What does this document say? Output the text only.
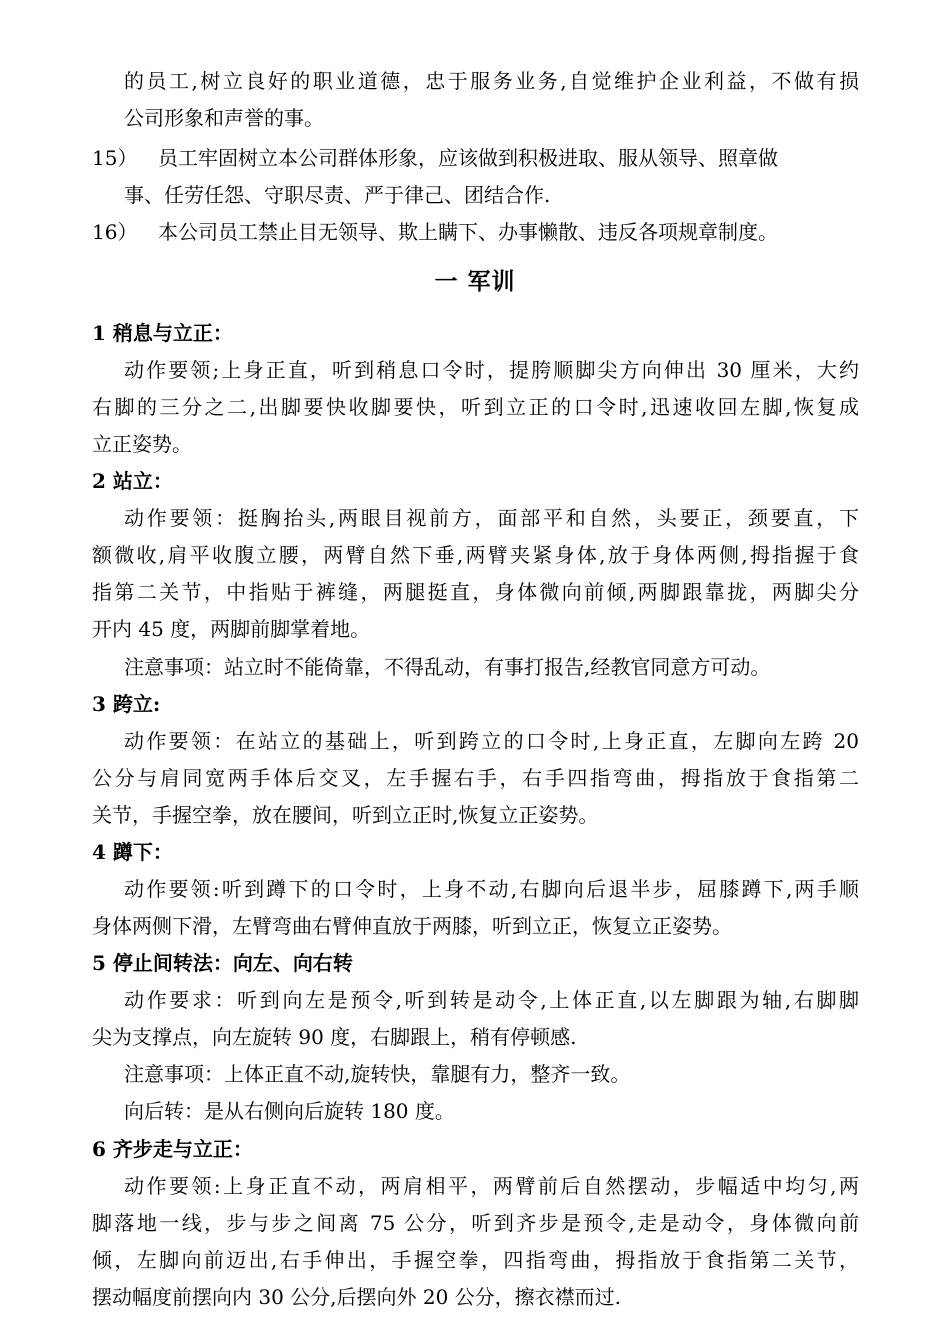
的员工,树立良好的职业道德，忠于服务业务,自觉维护企业利益，不做有损

公司形象和声誉的事。

15） 员工牢固树立本公司群体形象，应该做到积极进取、服从领导、照章做

事、任劳任怨、守职尽责、严于律己、团结合作.

16） 本公司员工禁止目无领导、欺上瞒下、办事懒散、违反各项规章制度。

一 军训
1 稍息与立正：

动作要领;上身正直，听到稍息口令时，提胯顺脚尖方向伸出 30 厘米，大约

右脚的三分之二,出脚要快收脚要快，听到立正的口令时,迅速收回左脚,恢复成

立正姿势。

2 站立：

动作要领：挺胸抬头,两眼目视前方，面部平和自然，头要正，颈要直，下

额微收,肩平收腹立腰，两臂自然下垂,两臂夹紧身体,放于身体两侧,拇指握于食

指第二关节，中指贴于裤缝，两腿挺直，身体微向前倾,两脚跟靠拢，两脚尖分

开内 45 度，两脚前脚掌着地。

注意事项：站立时不能倚靠，不得乱动，有事打报告,经教官同意方可动。

3 跨立:

动作要领：在站立的基础上，听到跨立的口令时,上身正直，左脚向左跨 20

公分与肩同宽两手体后交叉，左手握右手，右手四指弯曲，拇指放于食指第二

关节，手握空拳，放在腰间，听到立正时,恢复立正姿势。

4 蹲下：

动作要领:听到蹲下的口令时，上身不动,右脚向后退半步，屈膝蹲下,两手顺

身体两侧下滑，左臂弯曲右臂伸直放于两膝，听到立正，恢复立正姿势。

5 停止间转法：向左、向右转

动作要求：听到向左是预令,听到转是动令,上体正直,以左脚跟为轴,右脚脚

尖为支撑点，向左旋转 90 度，右脚跟上，稍有停顿感.

注意事项：上体正直不动,旋转快，靠腿有力，整齐一致。

向后转：是从右侧向后旋转 180 度。

6 齐步走与立正：

动作要领:上身正直不动，两肩相平，两臂前后自然摆动，步幅适中均匀,两

脚落地一线，步与步之间离 75 公分，听到齐步是预令,走是动令，身体微向前

倾，左脚向前迈出,右手伸出，手握空拳，四指弯曲，拇指放于食指第二关节，

摆动幅度前摆向内 30 公分,后摆向外 20 公分，擦衣襟而过.
